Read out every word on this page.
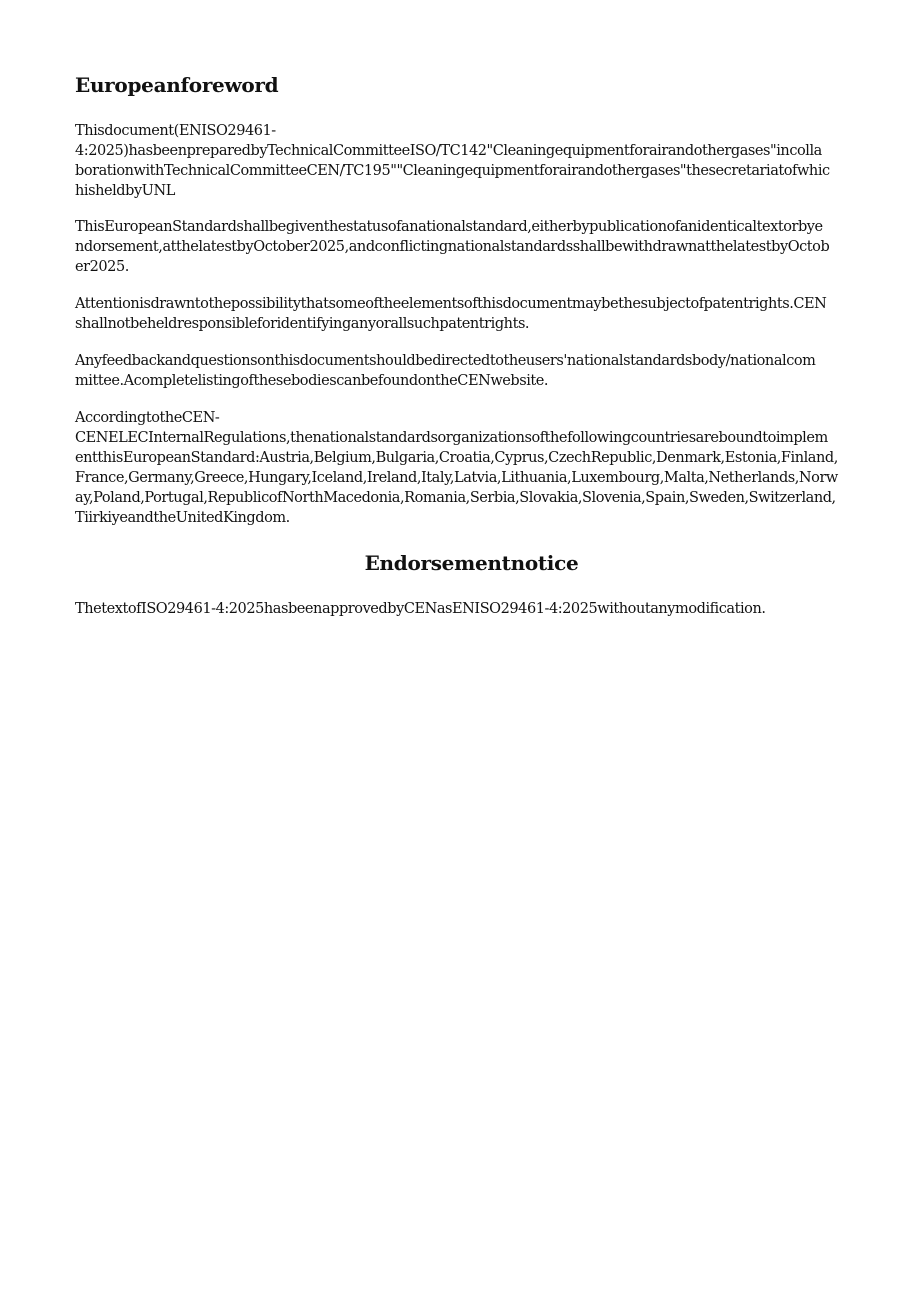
Europeanforeword

Thisdocument(ENISO29461-
4:2025)hasbeenpreparedbyTechnicalCommitteeISO/TC142"Cleaningequipmentforairandothergases"incolla
borationwithTechnicalCommitteeCEN/TC195""Cleaningequipmentforairandothergases"thesecretariatofwhic
hisheldbyUNL

ThisEuropeanStandardshallbegiventhestatusofanationalstandard,eitherbypublicationofanidenticaltextorbye
ndorsement,atthelatestbyOctober2025,andconflictingnationalstandardsshallbewithdrawnatthelatestbyOctob
er2025.

Attentionisdrawntothepossibilitythatsomeoftheelementsofthisdocumentmaybethesubjectofpatentrights.CEN
shallnotbeheldresponsibleforidentifyinganyorallsuchpatentrights.

Anyfeedbackandquestionsonthisdocumentshouldbedirectedtotheusers'nationalstandardsbody/nationalcom
mittee.AcompletelistingofthesebodiescanbefoundontheCENwebsite.

AccordingtotheCEN-
CENELECInternalRegulations,thenationalstandardsorganizationsofthefollowingcountriesareboundtoimplem
entthisEuropeanStandard:Austria,Belgium,Bulgaria,Croatia,Cyprus,CzechRepublic,Denmark,Estonia,Finland,
France,Germany,Greece,Hungary,Iceland,Ireland,Italy,Latvia,Lithuania,Luxembourg,Malta,Netherlands,Norw
ay,Poland,Portugal,RepublicofNorthMacedonia,Romania,Serbia,Slovakia,Slovenia,Spain,Sweden,Switzerland,
TiirkiyeandtheUnitedKingdom.

Endorsementnotice

ThetextofISO29461-4:2025hasbeenapprovedbyCENasENISO29461-4:2025withoutanymodification.
